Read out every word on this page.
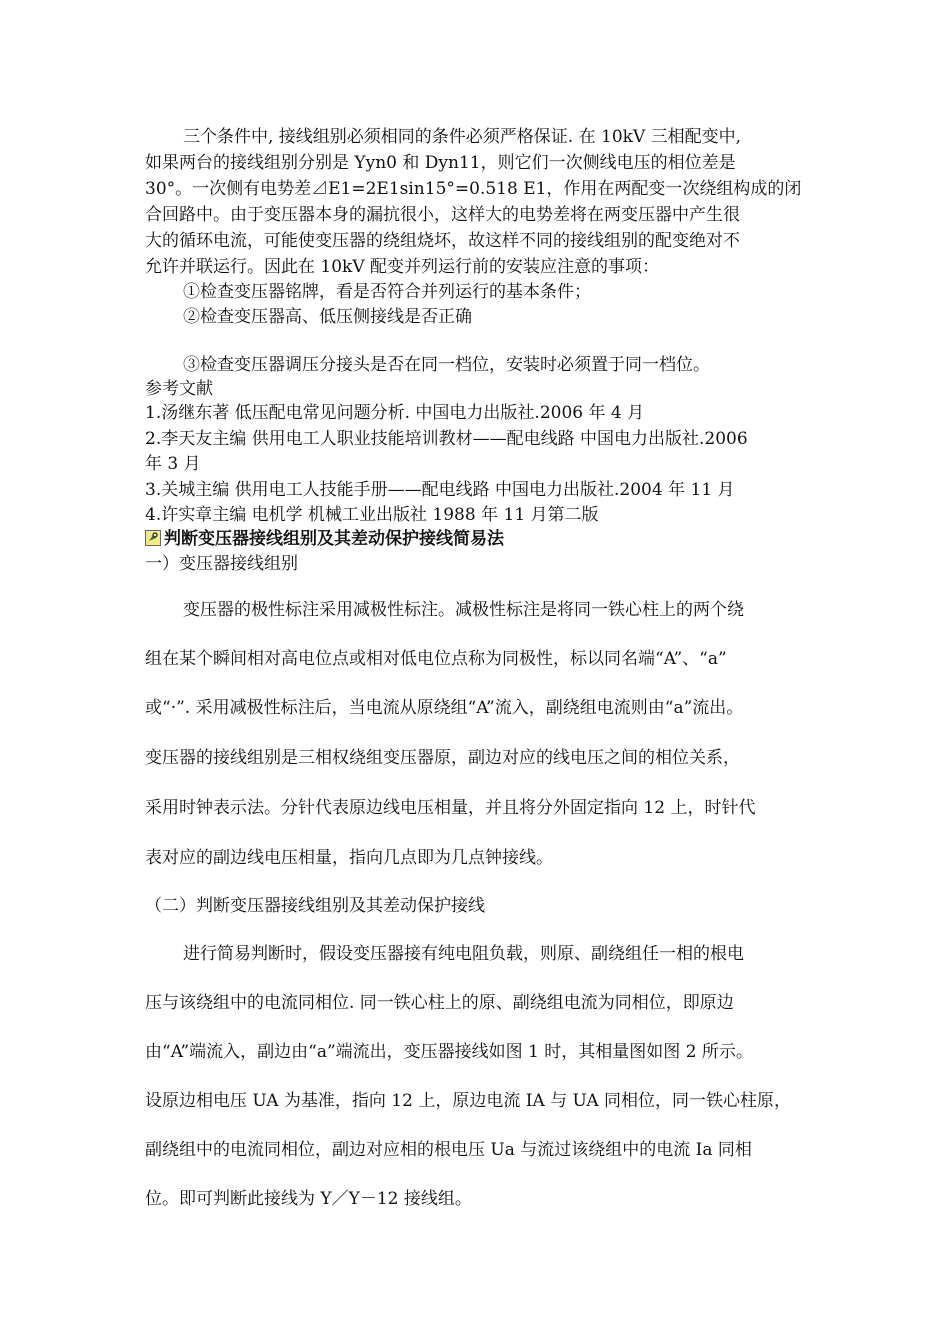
三个条件中, 接线组别必须相同的条件必须严格保证. 在 10kV 三相配变中,
如果两台的接线组别分别是 Yyn0 和 Dyn11，则它们一次侧线电压的相位差是
30°。一次侧有电势差⊿E1=2E1sin15°=0.518 E1，作用在两配变一次绕组构成的闭
合回路中。由于变压器本身的漏抗很小，这样大的电势差将在两变压器中产生很
大的循环电流，可能使变压器的绕组烧坏，故这样不同的接线组别的配变绝对不
允许并联运行。因此在 10kV 配变并列运行前的安装应注意的事项：
①检查变压器铭牌，看是否符合并列运行的基本条件；
②检查变压器高、低压侧接线是否正确
③检查变压器调压分接头是否在同一档位，安装时必须置于同一档位。
参考文献
1.汤继东著 低压配电常见问题分析. 中国电力出版社.2006 年 4 月
2.李天友主编 供用电工人职业技能培训教材——配电线路 中国电力出版社.2006
年 3 月
3.关城主编 供用电工人技能手册——配电线路 中国电力出版社.2004 年 11 月
4.许实章主编 电机学 机械工业出版社 1988 年 11 月第二版
判断变压器接线组别及其差动保护接线简易法
一）变压器接线组别
变压器的极性标注采用减极性标注。减极性标注是将同一铁心柱上的两个绕
组在某个瞬间相对高电位点或相对低电位点称为同极性，标以同名端“A”、“a”
或“·”. 采用减极性标注后，当电流从原绕组“A”流入，副绕组电流则由“a”流出。
变压器的接线组别是三相权绕组变压器原，副边对应的线电压之间的相位关系，
采用时钟表示法。分针代表原边线电压相量，并且将分外固定指向 12 上，时针代
表对应的副边线电压相量，指向几点即为几点钟接线。
（二）判断变压器接线组别及其差动保护接线
进行简易判断时，假设变压器接有纯电阻负载，则原、副绕组任一相的根电
压与该绕组中的电流同相位. 同一铁心柱上的原、副绕组电流为同相位，即原边
由“A”端流入，副边由“a”端流出，变压器接线如图 1 时，其相量图如图 2 所示。
设原边相电压 UA 为基准，指向 12 上，原边电流 IA 与 UA 同相位，同一铁心柱原，
副绕组中的电流同相位，副边对应相的根电压 Ua 与流过该绕组中的电流 Ia 同相
位。即可判断此接线为 Y／Y－12 接线组。
